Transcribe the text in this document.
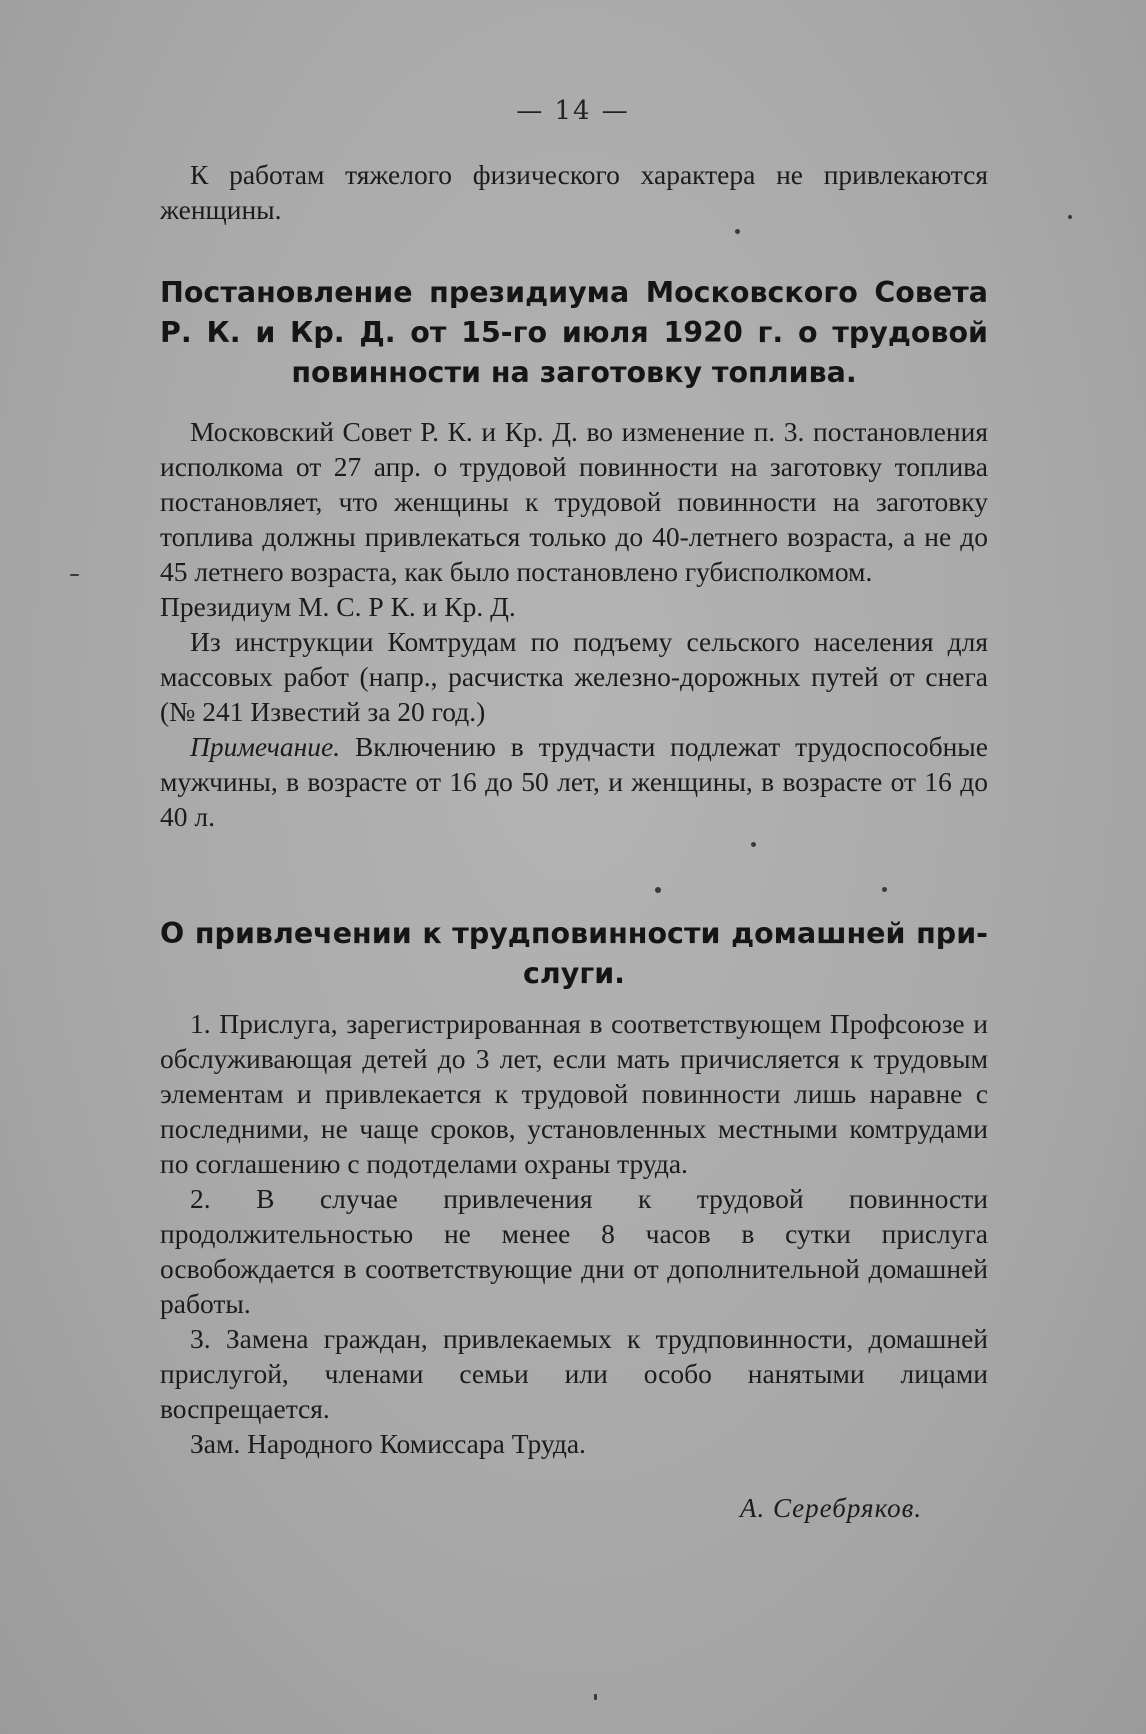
— 14 —

К работам тяжелого физического характера не привлекаются женщины.

Постановление президиума Московского Совета
Р. К. и Кр. Д. от 15-го июля 1920 г. о трудовой
повинности на заготовку топлива.

Московский Совет Р. К. и Кр. Д. во изменение п. 3. постановления исполкома от 27 апр. о трудовой повинности на заготовку топлива постановляет, что женщины к трудовой повинности на заготовку топлива должны привлекаться только до 40-летнего возраста, а не до 45 летнего возраста, как было постановлено губисполкомом.

Президиум М. С. Р К. и Кр. Д.

Из инструкции Комтрудам по подъему сельского населения для массовых работ (напр., расчистка железно-дорожных путей от снега (№ 241 Известий за 20 год.)

Примечание. Включению в трудчасти подлежат трудоспособные мужчины, в возрасте от 16 до 50 лет, и женщины, в возрасте от 16 до 40 л.

О привлечении к трудповинности домашней при-
слуги.

1. Прислуга, зарегистрированная в соответствующем Профсоюзе и обслуживающая детей до 3 лет, если мать причисляется к трудовым элементам и привлекается к трудовой повинности лишь наравне с последними, не чаще сроков, установленных местными комтрудами по соглашению с подотделами охраны труда.

2. В случае привлечения к трудовой повинности продолжительностью не менее 8 часов в сутки прислуга освобождается в соответствующие дни от дополнительной домашней работы.

3. Замена граждан, привлекаемых к трудповинности, домашней прислугой, членами семьи или особо нанятыми лицами воспрещается.

Зам. Народного Комиссара Труда.

А. Серебряков.
